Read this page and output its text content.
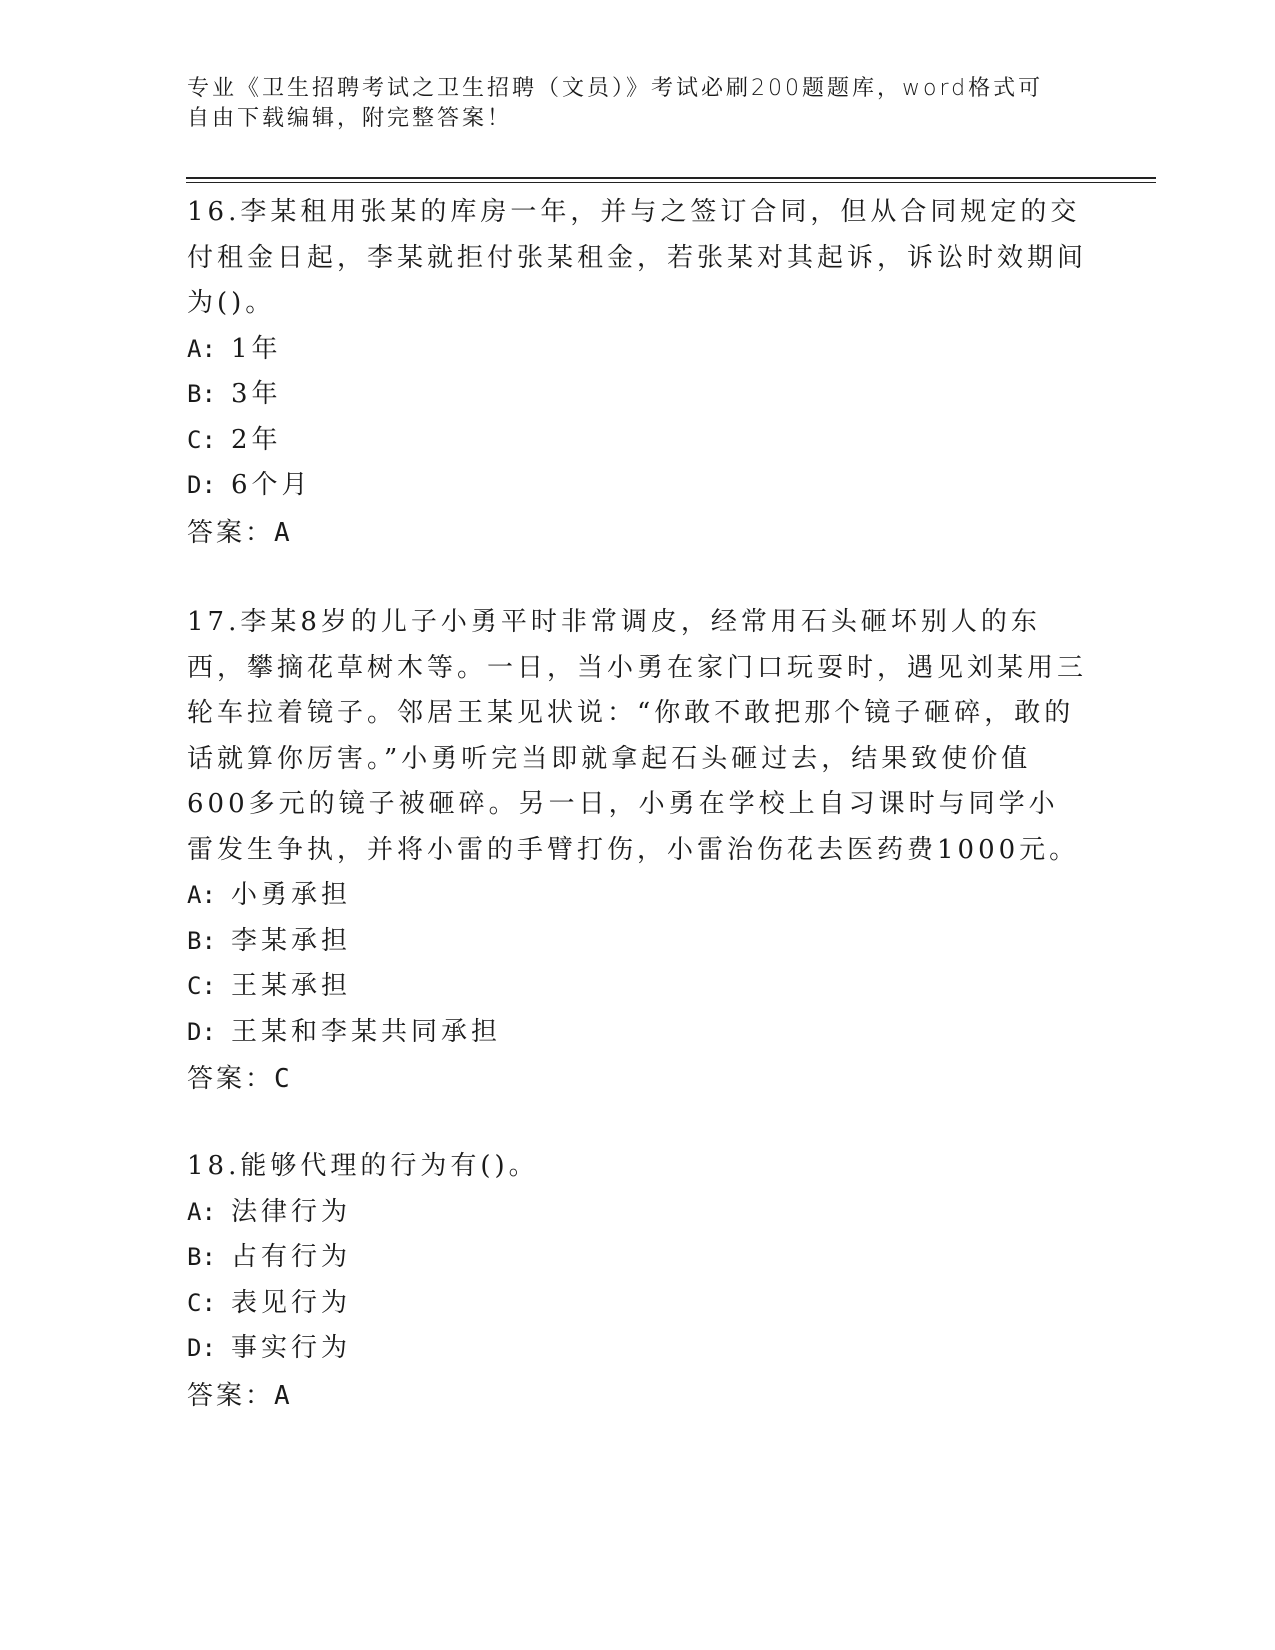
专业《卫生招聘考试之卫生招聘（文员）》考试必刷200题题库，word格式可自由下载编辑，附完整答案！

16.李某租用张某的库房一年，并与之签订合同，但从合同规定的交付租金日起，李某就拒付张某租金，若张某对其起诉，诉讼时效期间为()。

A: 1年
B: 3年
C: 2年
D: 6个月

答案：A

17.李某8岁的儿子小勇平时非常调皮，经常用石头砸坏别人的东西，攀摘花草树木等。一日，当小勇在家门口玩耍时，遇见刘某用三轮车拉着镜子。邻居王某见状说：“你敢不敢把那个镜子砸碎，敢的话就算你厉害。”小勇听完当即就拿起石头砸过去，结果致使价值600多元的镜子被砸碎。另一日，小勇在学校上自习课时与同学小雷发生争执，并将小雷的手臂打伤，小雷治伤花去医药费1000元。

A: 小勇承担
B: 李某承担
C: 王某承担
D: 王某和李某共同承担

答案：C

18.能够代理的行为有()。

A: 法律行为
B: 占有行为
C: 表见行为
D: 事实行为

答案：A
